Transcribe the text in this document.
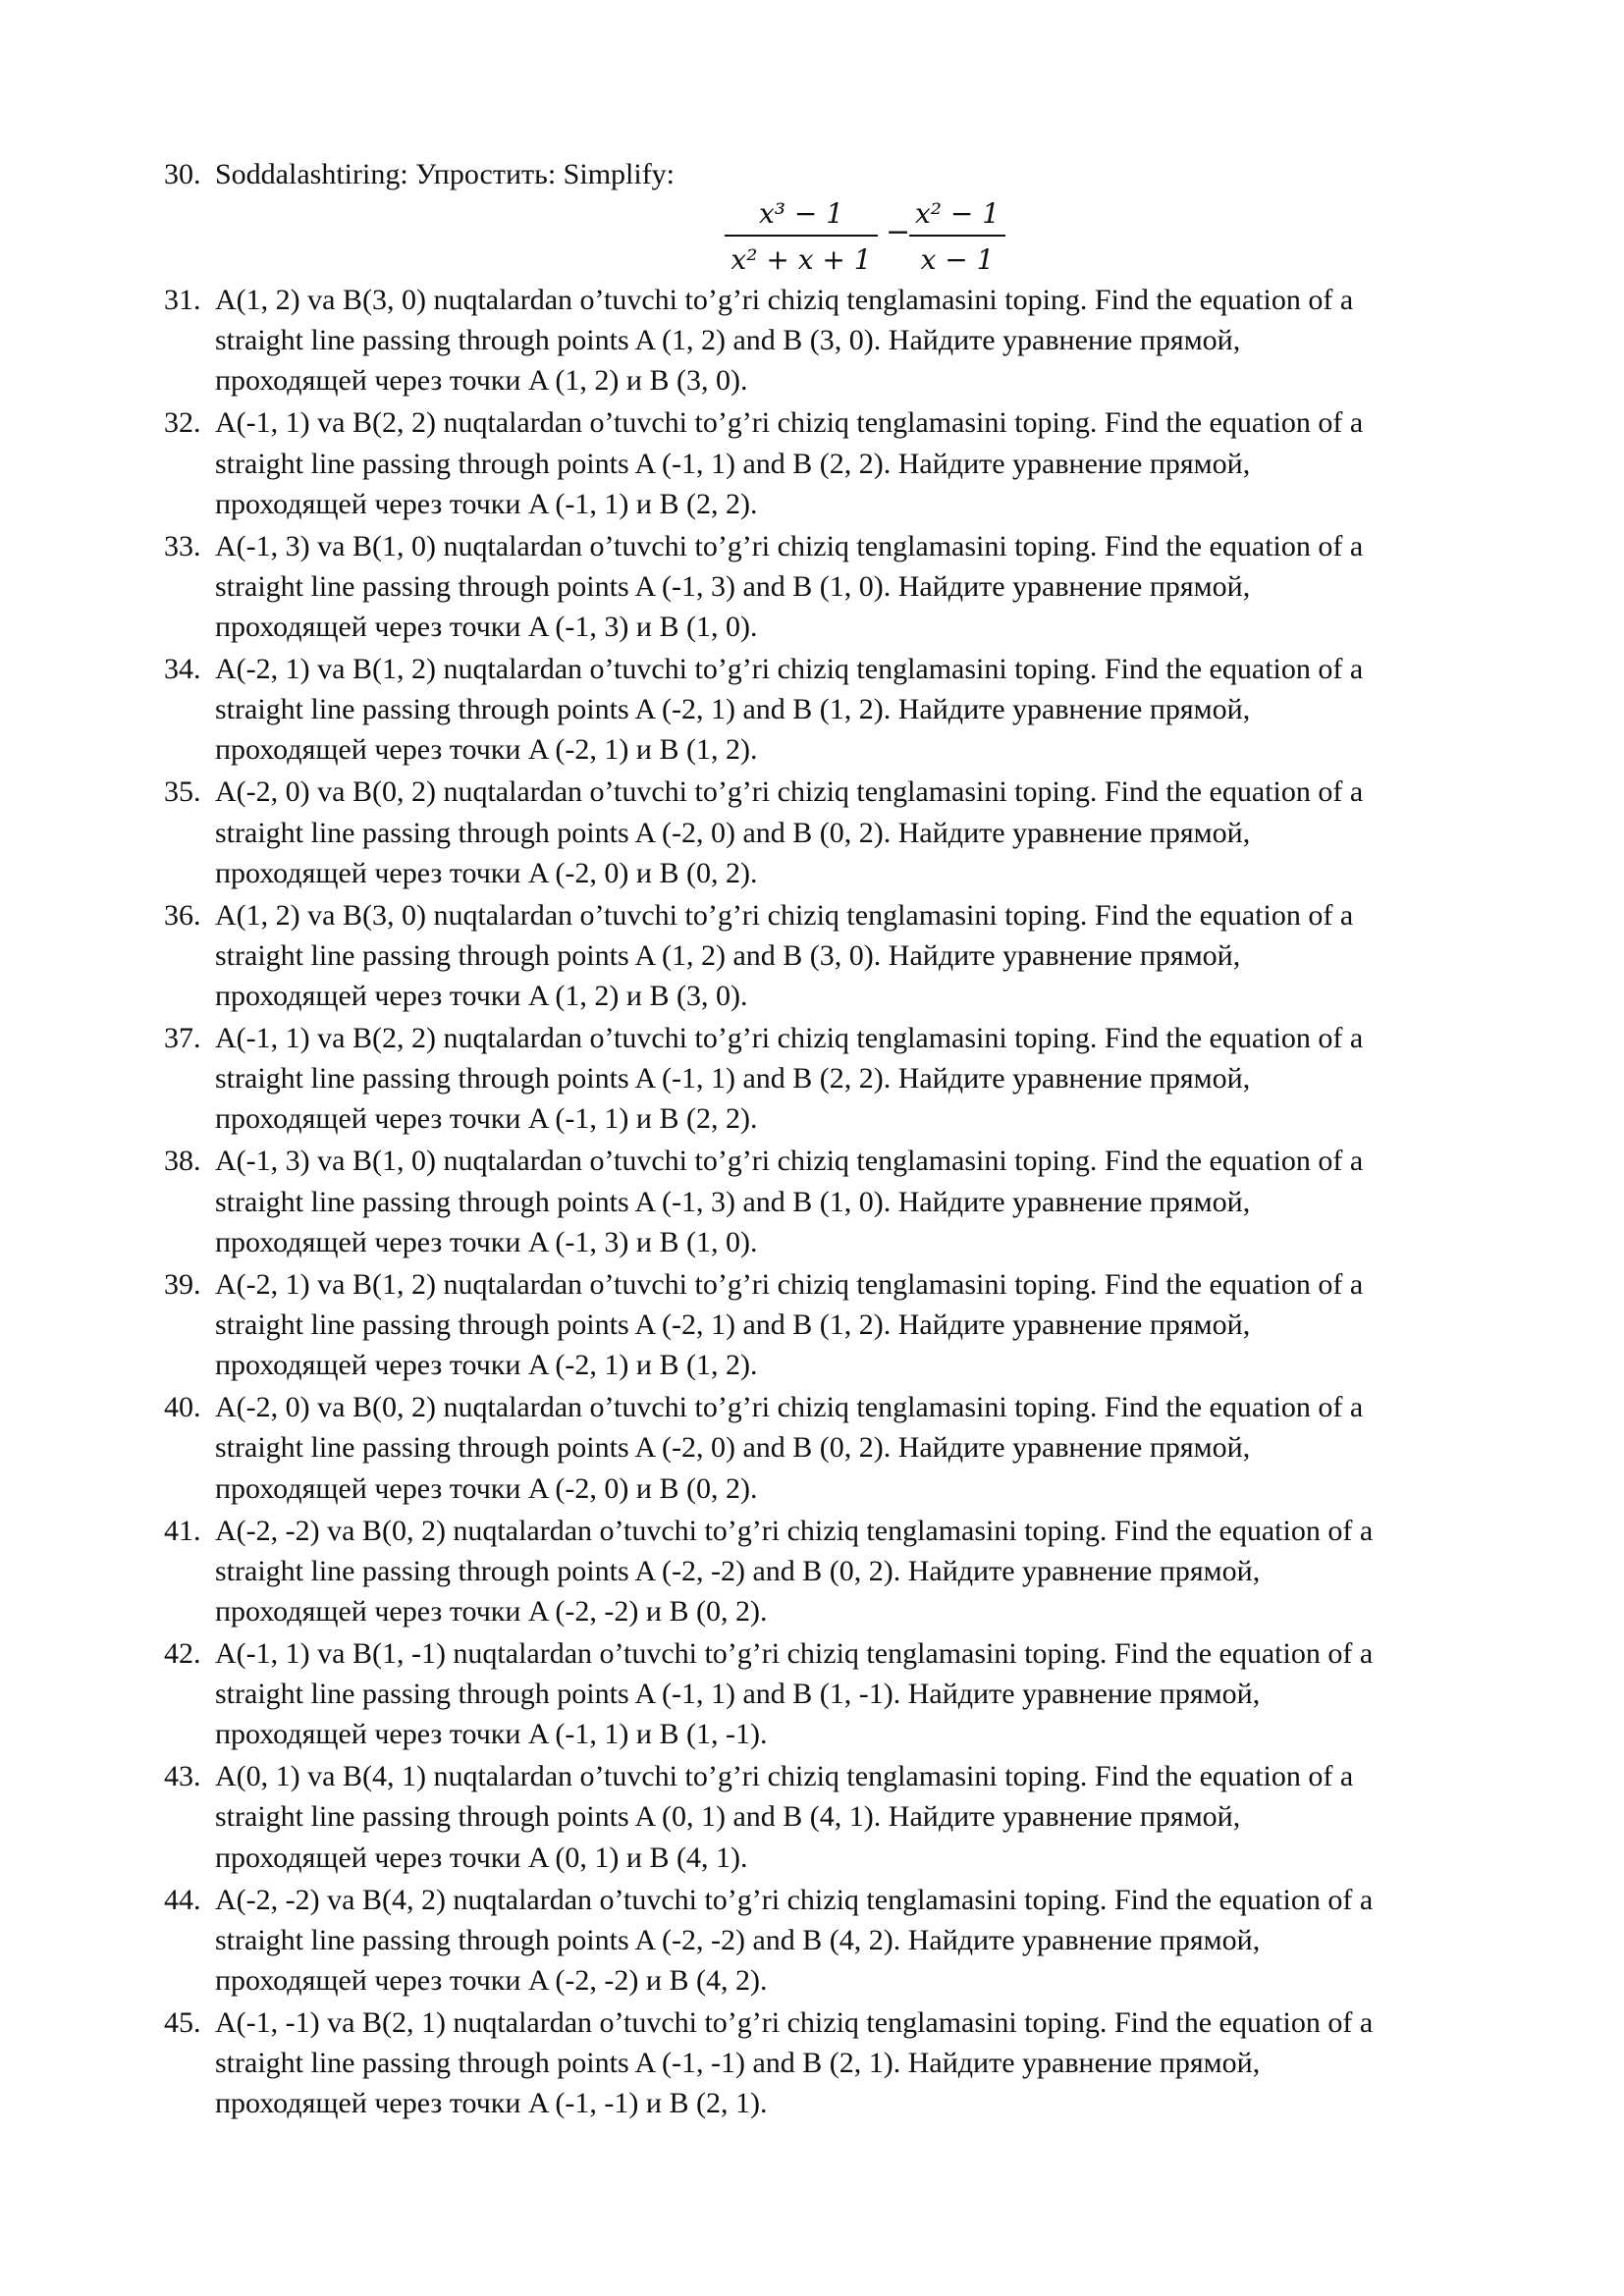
30. Soddalashtiring: Упростить: Simplify:
x³ − 1
x² + x + 1
−
x² − 1
x − 1
31. A(1, 2) va B(3, 0) nuqtalardan o’tuvchi to’g’ri chiziq tenglamasini toping. Find the equation of a
straight line passing through points A (1, 2) and B (3, 0). Найдите уравнение прямой,
проходящей через точки A (1, 2) и B (3, 0).
32. A(-1, 1) va B(2, 2) nuqtalardan o’tuvchi to’g’ri chiziq tenglamasini toping. Find the equation of a
straight line passing through points A (-1, 1) and B (2, 2). Найдите уравнение прямой,
проходящей через точки A (-1, 1) и B (2, 2).
33. A(-1, 3) va B(1, 0) nuqtalardan o’tuvchi to’g’ri chiziq tenglamasini toping. Find the equation of a
straight line passing through points A (-1, 3) and B (1, 0). Найдите уравнение прямой,
проходящей через точки A (-1, 3) и B (1, 0).
34. A(-2, 1) va B(1, 2) nuqtalardan o’tuvchi to’g’ri chiziq tenglamasini toping. Find the equation of a
straight line passing through points A (-2, 1) and B (1, 2). Найдите уравнение прямой,
проходящей через точки A (-2, 1) и B (1, 2).
35. A(-2, 0) va B(0, 2) nuqtalardan o’tuvchi to’g’ri chiziq tenglamasini toping. Find the equation of a
straight line passing through points A (-2, 0) and B (0, 2). Найдите уравнение прямой,
проходящей через точки A (-2, 0) и B (0, 2).
36. A(1, 2) va B(3, 0) nuqtalardan o’tuvchi to’g’ri chiziq tenglamasini toping. Find the equation of a
straight line passing through points A (1, 2) and B (3, 0). Найдите уравнение прямой,
проходящей через точки A (1, 2) и B (3, 0).
37. A(-1, 1) va B(2, 2) nuqtalardan o’tuvchi to’g’ri chiziq tenglamasini toping. Find the equation of a
straight line passing through points A (-1, 1) and B (2, 2). Найдите уравнение прямой,
проходящей через точки A (-1, 1) и B (2, 2).
38. A(-1, 3) va B(1, 0) nuqtalardan o’tuvchi to’g’ri chiziq tenglamasini toping. Find the equation of a
straight line passing through points A (-1, 3) and B (1, 0). Найдите уравнение прямой,
проходящей через точки A (-1, 3) и B (1, 0).
39. A(-2, 1) va B(1, 2) nuqtalardan o’tuvchi to’g’ri chiziq tenglamasini toping. Find the equation of a
straight line passing through points A (-2, 1) and B (1, 2). Найдите уравнение прямой,
проходящей через точки A (-2, 1) и B (1, 2).
40. A(-2, 0) va B(0, 2) nuqtalardan o’tuvchi to’g’ri chiziq tenglamasini toping. Find the equation of a
straight line passing through points A (-2, 0) and B (0, 2). Найдите уравнение прямой,
проходящей через точки A (-2, 0) и B (0, 2).
41. A(-2, -2) va B(0, 2) nuqtalardan o’tuvchi to’g’ri chiziq tenglamasini toping. Find the equation of a
straight line passing through points A (-2, -2) and B (0, 2). Найдите уравнение прямой,
проходящей через точки A (-2, -2) и B (0, 2).
42. A(-1, 1) va B(1, -1) nuqtalardan o’tuvchi to’g’ri chiziq tenglamasini toping. Find the equation of a
straight line passing through points A (-1, 1) and B (1, -1). Найдите уравнение прямой,
проходящей через точки A (-1, 1) и B (1, -1).
43. A(0, 1) va B(4, 1) nuqtalardan o’tuvchi to’g’ri chiziq tenglamasini toping. Find the equation of a
straight line passing through points A (0, 1) and B (4, 1). Найдите уравнение прямой,
проходящей через точки A (0, 1) и B (4, 1).
44. A(-2, -2) va B(4, 2) nuqtalardan o’tuvchi to’g’ri chiziq tenglamasini toping. Find the equation of a
straight line passing through points A (-2, -2) and B (4, 2). Найдите уравнение прямой,
проходящей через точки A (-2, -2) и B (4, 2).
45. A(-1, -1) va B(2, 1) nuqtalardan o’tuvchi to’g’ri chiziq tenglamasini toping. Find the equation of a
straight line passing through points A (-1, -1) and B (2, 1). Найдите уравнение прямой,
проходящей через точки A (-1, -1) и B (2, 1).
